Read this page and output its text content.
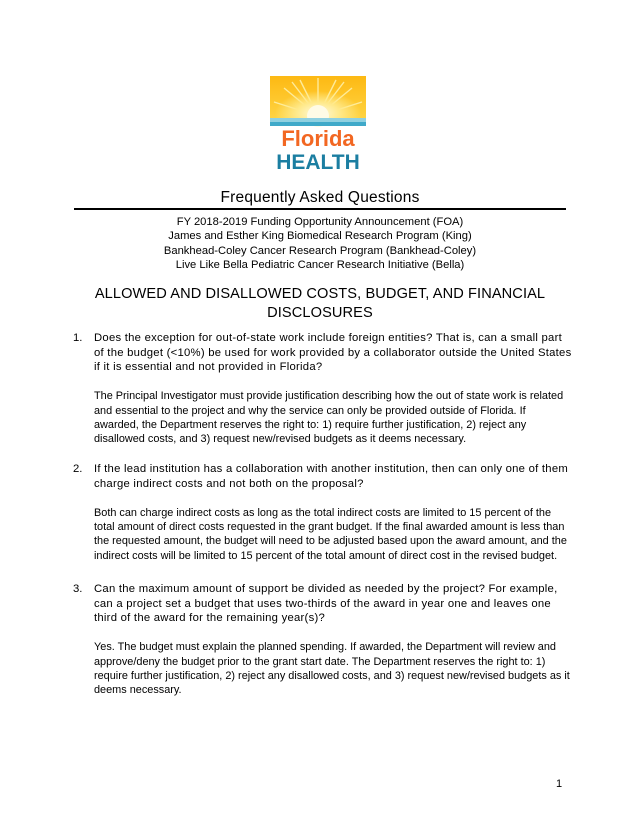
Florida
HEALTH
Frequently Asked Questions
FY 2018-2019 Funding Opportunity Announcement (FOA)
James and Esther King Biomedical Research Program (King)
Bankhead-Coley Cancer Research Program (Bankhead-Coley)
Live Like Bella Pediatric Cancer Research Initiative (Bella)
ALLOWED AND DISALLOWED COSTS, BUDGET, AND FINANCIAL
DISCLOSURES
1. Does the exception for out-of-state work include foreign entities? That is, can a small part of the budget (<10%) be used for work provided by a collaborator outside the United States if it is essential and not provided in Florida?
The Principal Investigator must provide justification describing how the out of state work is related and essential to the project and why the service can only be provided outside of Florida. If awarded, the Department reserves the right to: 1) require further justification, 2) reject any disallowed costs, and 3) request new/revised budgets as it deems necessary.
2. If the lead institution has a collaboration with another institution, then can only one of them charge indirect costs and not both on the proposal?
Both can charge indirect costs as long as the total indirect costs are limited to 15 percent of the total amount of direct costs requested in the grant budget. If the final awarded amount is less than the requested amount, the budget will need to be adjusted based upon the award amount, and the indirect costs will be limited to 15 percent of the total amount of direct cost in the revised budget.
3. Can the maximum amount of support be divided as needed by the project? For example, can a project set a budget that uses two-thirds of the award in year one and leaves one third of the award for the remaining year(s)?
Yes. The budget must explain the planned spending. If awarded, the Department will review and approve/deny the budget prior to the grant start date. The Department reserves the right to: 1) require further justification, 2) reject any disallowed costs, and 3) request new/revised budgets as it deems necessary.
1
